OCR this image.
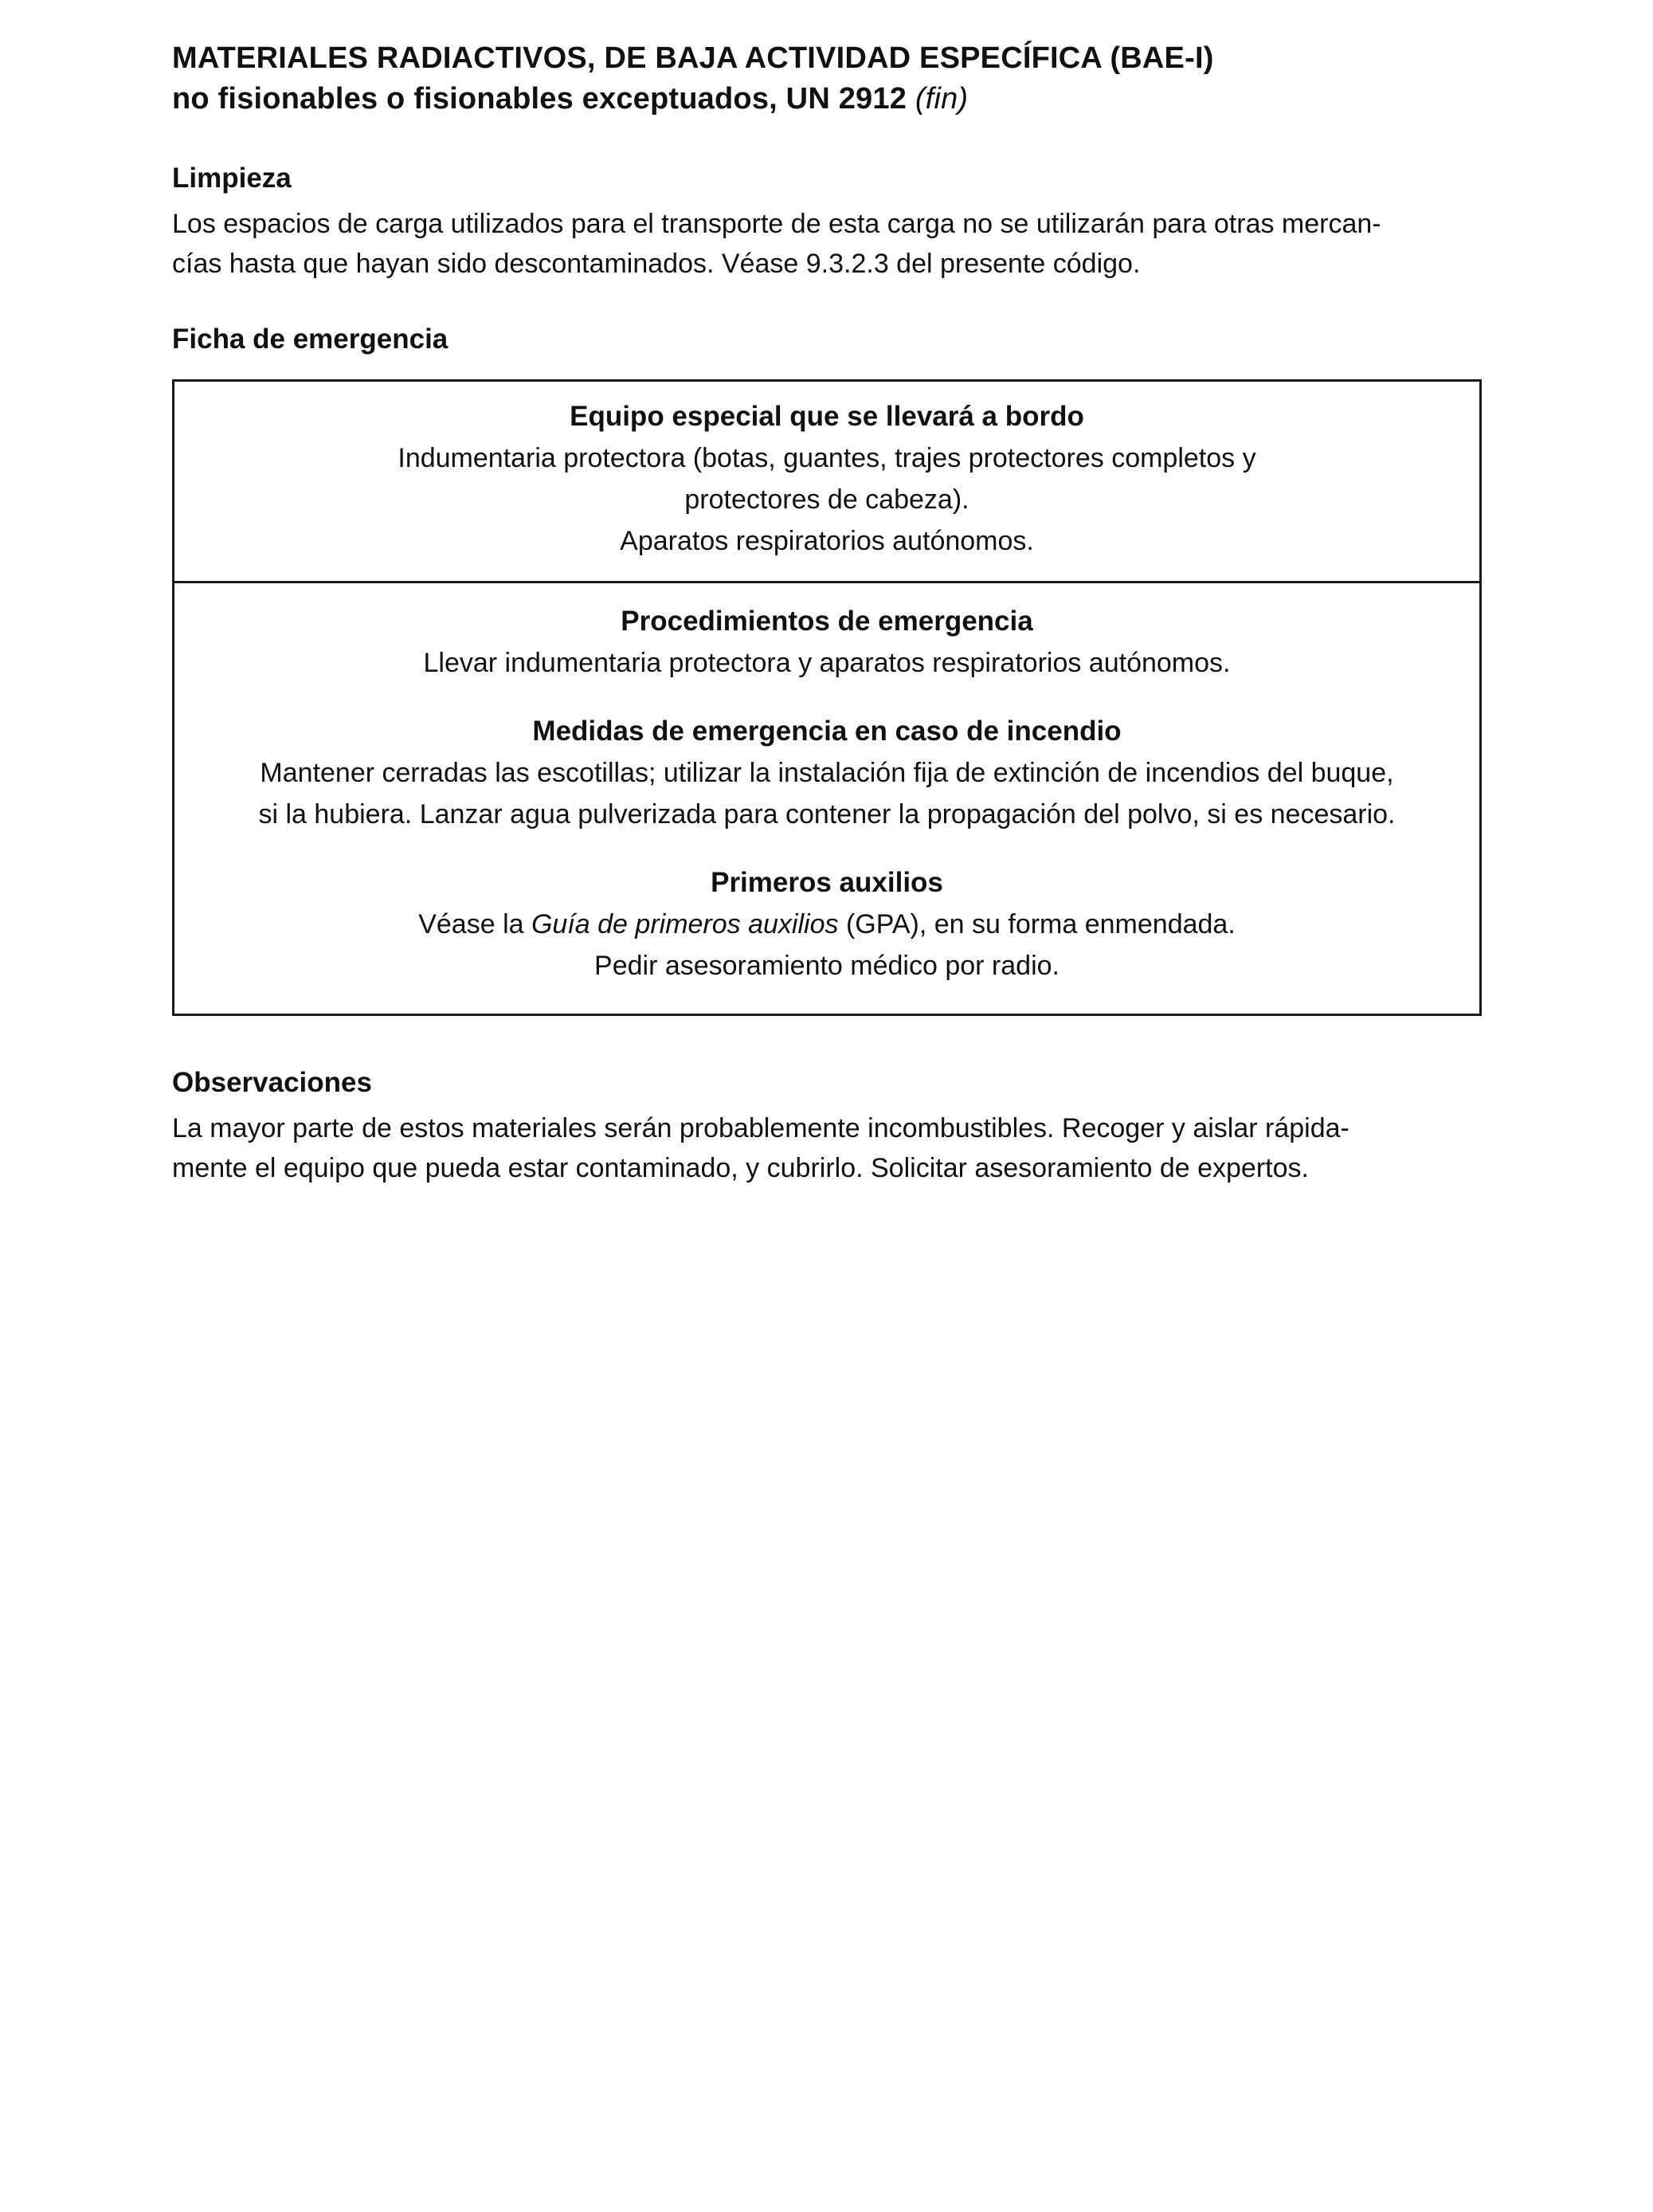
MATERIALES RADIACTIVOS, DE BAJA ACTIVIDAD ESPECÍFICA (BAE-I)
no fisionables o fisionables exceptuados, UN 2912 (fin)
Limpieza
Los espacios de carga utilizados para el transporte de esta carga no se utilizarán para otras mercan-
cías hasta que hayan sido descontaminados. Véase 9.3.2.3 del presente código.
Ficha de emergencia
Equipo especial que se llevará a bordo
Indumentaria protectora (botas, guantes, trajes protectores completos y
protectores de cabeza).
Aparatos respiratorios autónomos.
Procedimientos de emergencia
Llevar indumentaria protectora y aparatos respiratorios autónomos.
Medidas de emergencia en caso de incendio
Mantener cerradas las escotillas; utilizar la instalación fija de extinción de incendios del buque,
si la hubiera. Lanzar agua pulverizada para contener la propagación del polvo, si es necesario.
Primeros auxilios
Véase la Guía de primeros auxilios (GPA), en su forma enmendada.
Pedir asesoramiento médico por radio.
Observaciones
La mayor parte de estos materiales serán probablemente incombustibles. Recoger y aislar rápida-
mente el equipo que pueda estar contaminado, y cubrirlo. Solicitar asesoramiento de expertos.
